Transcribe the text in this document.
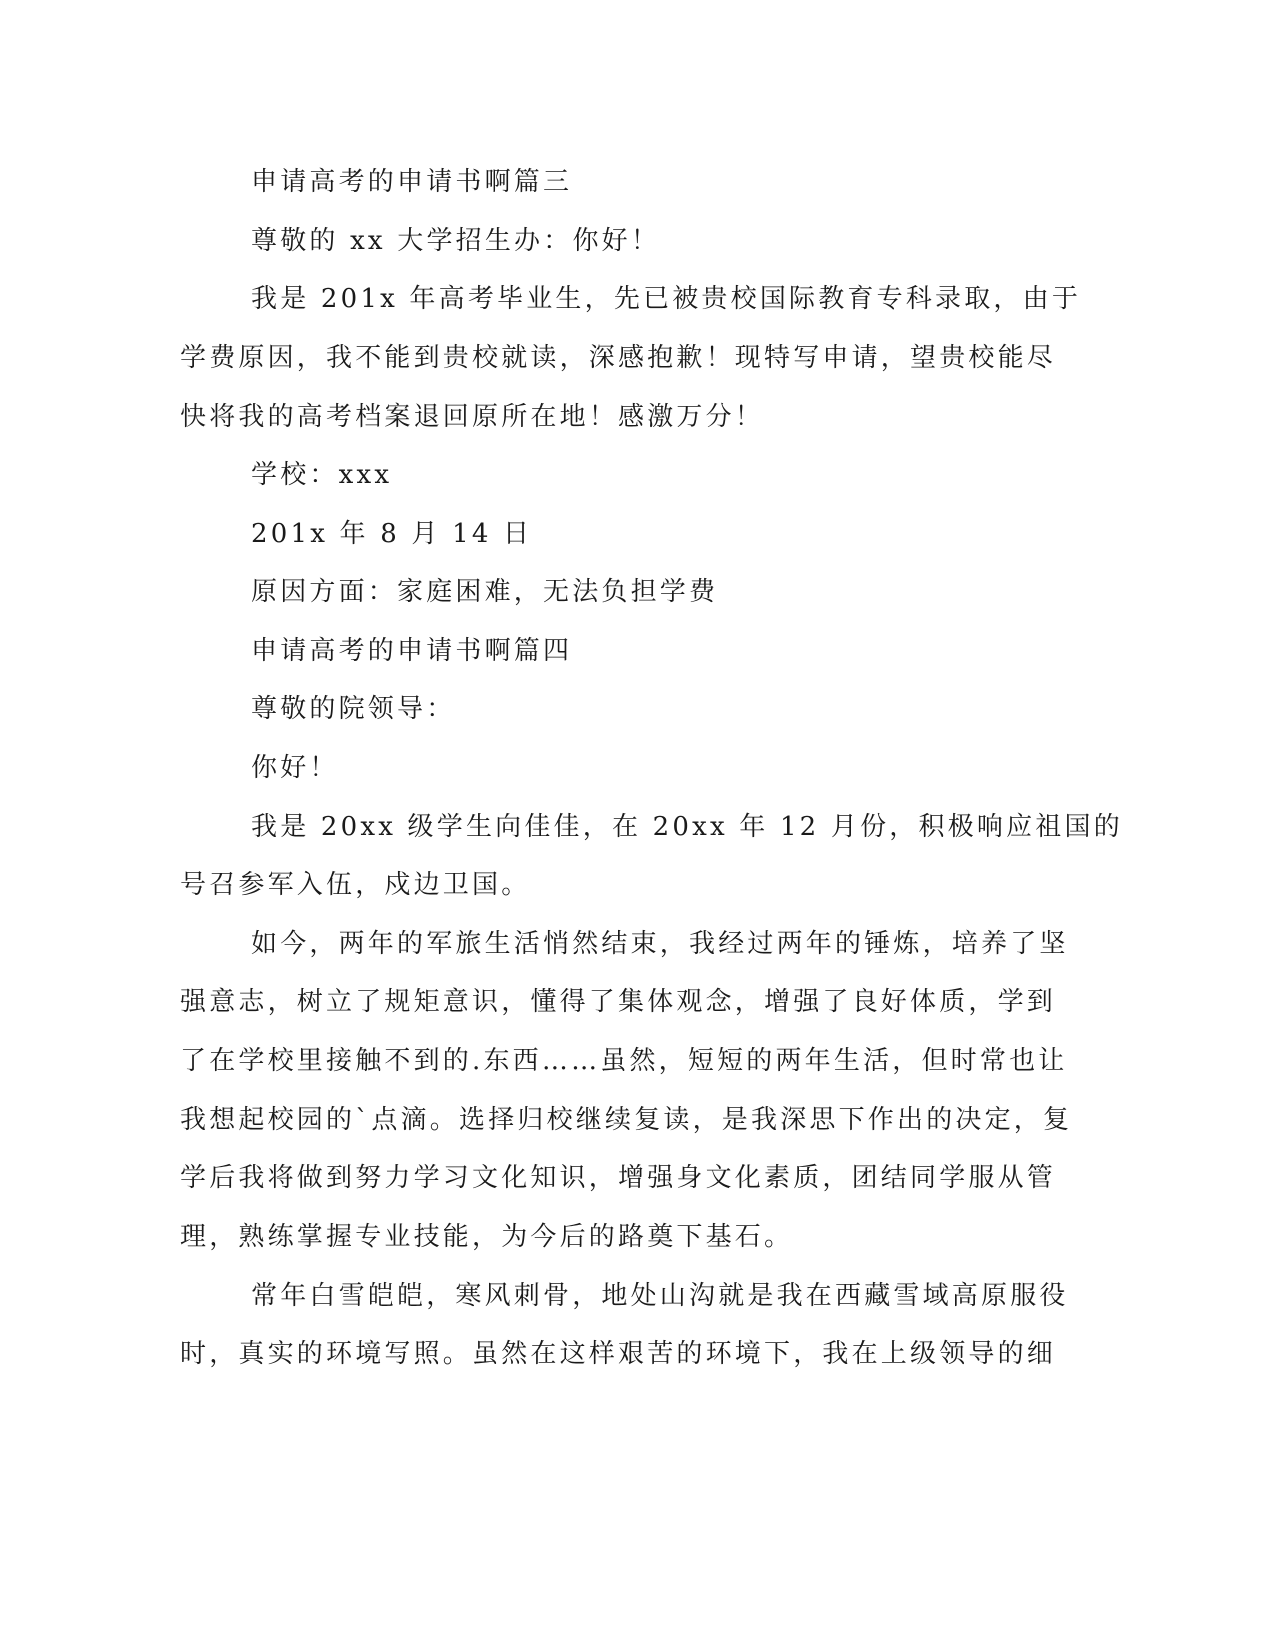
申请高考的申请书啊篇三

尊敬的 xx 大学招生办：你好！

我是 201x 年高考毕业生，先已被贵校国际教育专科录取，由于

学费原因，我不能到贵校就读，深感抱歉！现特写申请，望贵校能尽

快将我的高考档案退回原所在地！感激万分！

学校：xxx

201x 年 8 月 14 日

原因方面：家庭困难，无法负担学费

申请高考的申请书啊篇四

尊敬的院领导：

你好！

我是 20xx 级学生向佳佳，在 20xx 年 12 月份，积极响应祖国的

号召参军入伍，戍边卫国。

如今，两年的军旅生活悄然结束，我经过两年的锤炼，培养了坚

强意志，树立了规矩意识，懂得了集体观念，增强了良好体质，学到

了在学校里接触不到的.东西……虽然，短短的两年生活，但时常也让

我想起校园的`点滴。选择归校继续复读，是我深思下作出的决定，复

学后我将做到努力学习文化知识，增强身文化素质，团结同学服从管

理，熟练掌握专业技能，为今后的路奠下基石。

常年白雪皑皑，寒风刺骨，地处山沟就是我在西藏雪域高原服役

时，真实的环境写照。虽然在这样艰苦的环境下，我在上级领导的细
